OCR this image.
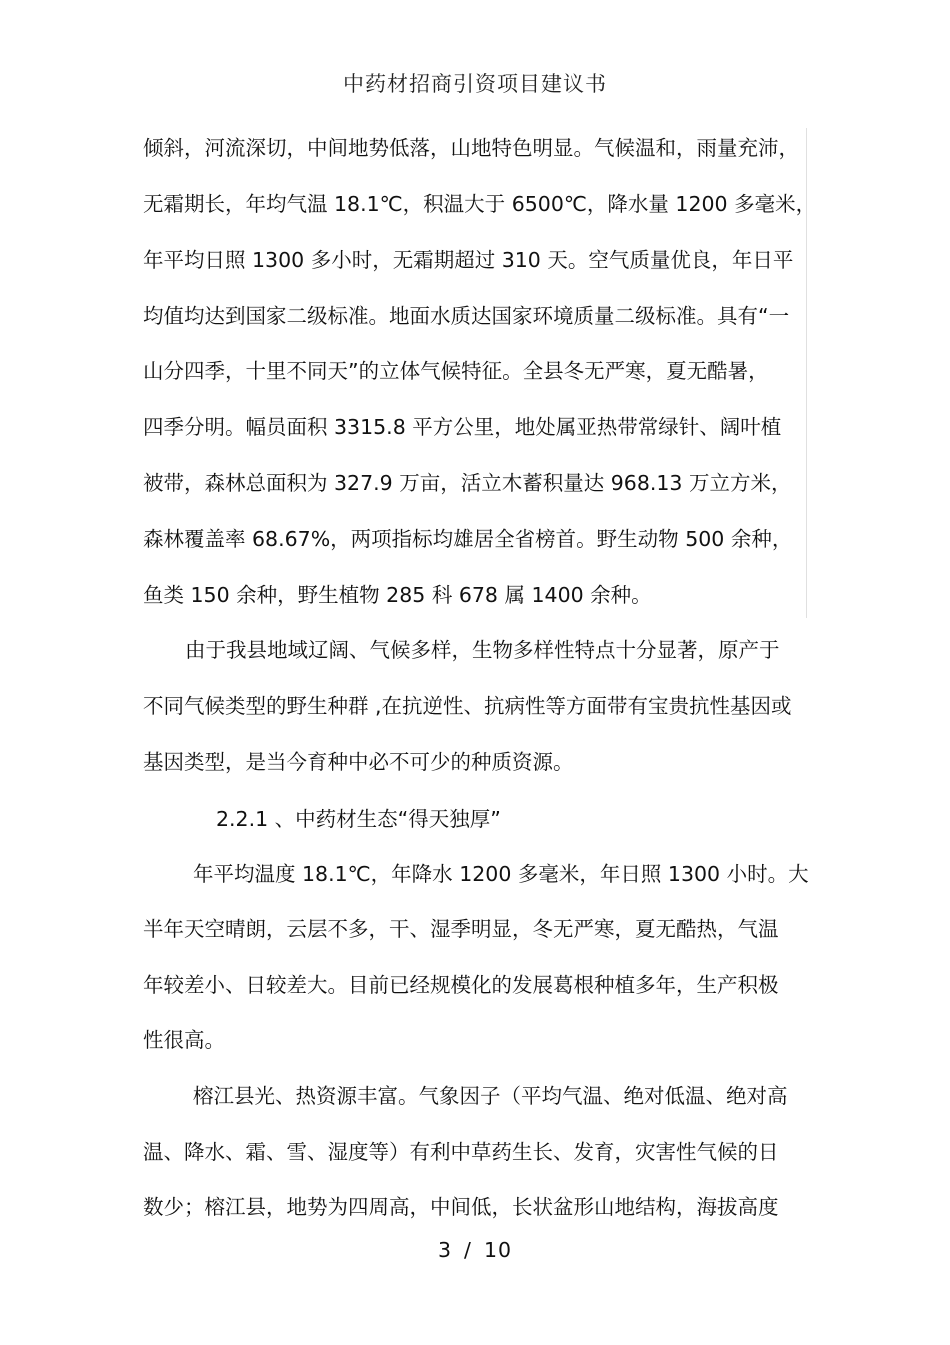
中药材招商引资项目建议书
倾斜，河流深切，中间地势低落，山地特色明显。气候温和，雨量充沛，
无霜期长，年均气温 18.1℃，积温大于 6500℃，降水量 1200 多毫米，
年平均日照 1300 多小时，无霜期超过 310 天。空气质量优良，年日平
均值均达到国家二级标准。地面水质达国家环境质量二级标准。具有“一
山分四季，十里不同天”的立体气候特征。全县冬无严寒，夏无酷暑，
四季分明。幅员面积 3315.8 平方公里，地处属亚热带常绿针、阔叶植
被带，森林总面积为 327.9 万亩，活立木蓄积量达 968.13 万立方米，
森林覆盖率 68.67%，两项指标均雄居全省榜首。野生动物 500 余种，
鱼类 150 余种，野生植物 285 科 678 属 1400 余种。
由于我县地域辽阔、气候多样，生物多样性特点十分显著，原产于
不同气候类型的野生种群 ,在抗逆性、抗病性等方面带有宝贵抗性基因或
基因类型，是当今育种中必不可少的种质资源。
2.2.1 、中药材生态“得天独厚”
年平均温度 18.1℃，年降水 1200 多毫米，年日照 1300 小时。大
半年天空晴朗，云层不多，干、湿季明显，冬无严寒，夏无酷热，气温
年较差小、日较差大。目前已经规模化的发展葛根种植多年，生产积极
性很高。
榕江县光、热资源丰富。气象因子（平均气温、绝对低温、绝对高
温、降水、霜、雪、湿度等）有利中草药生长、发育，灾害性气候的日
数少；榕江县，地势为四周高，中间低，长状盆形山地结构，海拔高度
3 / 10
